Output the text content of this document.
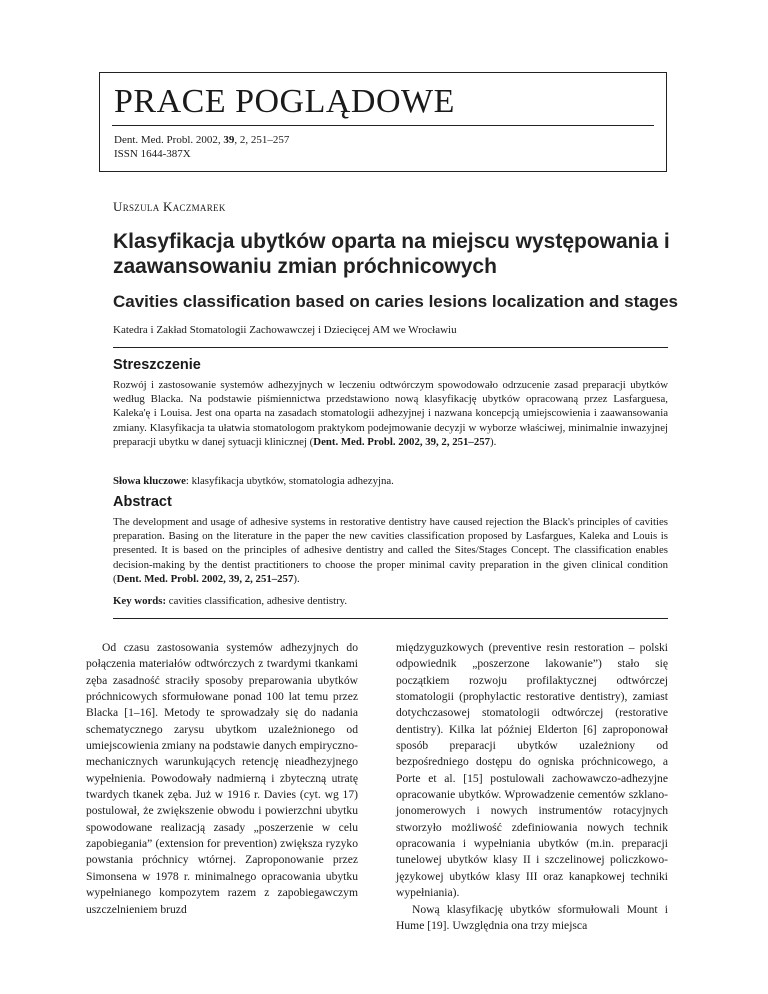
PRACE POGLĄDOWE
Dent. Med. Probl. 2002, 39, 2, 251–257
ISSN 1644-387X
Urszula Kaczmarek
Klasyfikacja ubytków oparta na miejscu występowania i zaawansowaniu zmian próchnicowych
Cavities classification based on caries lesions localization and stages
Katedra i Zakład Stomatologii Zachowawczej i Dziecięcej AM we Wrocławiu
Streszczenie
Rozwój i zastosowanie systemów adhezyjnych w leczeniu odtwórczym spowodowało odrzucenie zasad preparacji ubytków według Blacka. Na podstawie piśmiennictwa przedstawiono nową klasyfikację ubytków opracowaną przez Lasfarguesa, Kaleka'ę i Louisa. Jest ona oparta na zasadach stomatologii adhezyjnej i nazwana koncepcją umiejscowienia i zaawansowania zmiany. Klasyfikacja ta ułatwia stomatologom praktykom podejmowanie decyzji w wyborze właściwej, minimalnie inwazyjnej preparacji ubytku w danej sytuacji klinicznej (Dent. Med. Probl. 2002, 39, 2, 251–257).
Słowa kluczowe: klasyfikacja ubytków, stomatologia adhezyjna.
Abstract
The development and usage of adhesive systems in restorative dentistry have caused rejection the Black's principles of cavities preparation. Basing on the literature in the paper the new cavities classification proposed by Lasfargues, Kaleka and Louis is presented. It is based on the principles of adhesive dentistry and called the Sites/Stages Concept. The classification enables decision-making by the dentist practitioners to choose the proper minimal cavity preparation in the given clinical condition (Dent. Med. Probl. 2002, 39, 2, 251–257).
Key words: cavities classification, adhesive dentistry.

Od czasu zastosowania systemów adhezyjnych do połączenia materiałów odtwórczych z twardymi tkankami zęba zasadność straciły sposoby preparowania ubytków próchnicowych sformułowane ponad 100 lat temu przez Blacka [1–16]. Metody te sprowadzały się do nadania schematycznego zarysu ubytkom uzależnionego od umiejscowienia zmiany na podstawie danych empiryczno-mechanicznych warunkujących retencję nieadhezyjnego wypełnienia. Powodowały nadmierną i zbyteczną utratę twardych tkanek zęba. Już w 1916 r. Davies (cyt. wg 17) postulował, że zwiększenie obwodu i powierzchni ubytku spowodowane realizacją zasady „poszerzenie w celu zapobiegania” (extension for prevention) zwiększa ryzyko powstania próchnicy wtórnej. Zaproponowanie przez Simonsena w 1978 r. minimalnego opracowania ubytku wypełnianego kompozytem razem z zapobiegawczym uszczelnieniem bruzd

międzyguzkowych (preventive resin restoration – polski odpowiednik „poszerzone lakowanie”) stało się początkiem rozwoju profilaktycznej odtwórczej stomatologii (prophylactic restorative dentistry), zamiast dotychczasowej stomatologii odtwórczej (restorative dentistry). Kilka lat później Elderton [6] zaproponował sposób preparacji ubytków uzależniony od bezpośredniego dostępu do ogniska próchnicowego, a Porte et al. [15] postulowali zachowawczo-adhezyjne opracowanie ubytków. Wprowadzenie cementów szklano-jonomerowych i nowych instrumentów rotacyjnych stworzyło możliwość zdefiniowania nowych technik opracowania i wypełniania ubytków (m.in. preparacji tunelowej ubytków klasy II i szczelinowej policzkowo-językowej ubytków klasy III oraz kanapkowej techniki wypełniania).

Nową klasyfikację ubytków sformułowali Mount i Hume [19]. Uwzględnia ona trzy miejsca
